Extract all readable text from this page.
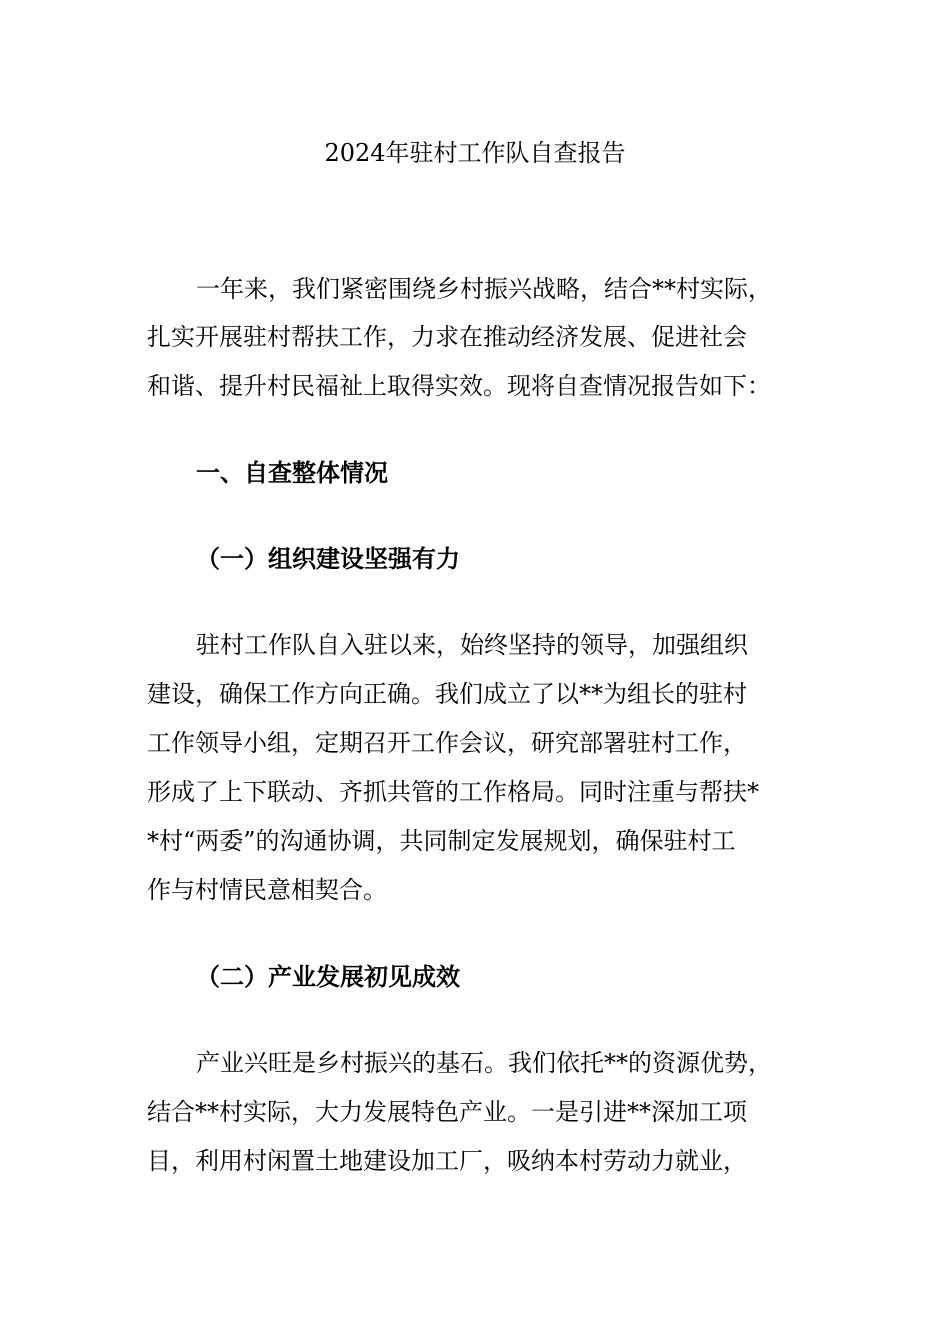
2024年驻村工作队自查报告
一年来，我们紧密围绕乡村振兴战略，结合**村实际，
扎实开展驻村帮扶工作，力求在推动经济发展、促进社会
和谐、提升村民福祉上取得实效。现将自查情况报告如下：
一、自查整体情况
（一）组织建设坚强有力
驻村工作队自入驻以来，始终坚持的领导，加强组织
建设，确保工作方向正确。我们成立了以**为组长的驻村
工作领导小组，定期召开工作会议，研究部署驻村工作，
形成了上下联动、齐抓共管的工作格局。同时注重与帮扶*
*村“两委”的沟通协调，共同制定发展规划，确保驻村工
作与村情民意相契合。
（二）产业发展初见成效
产业兴旺是乡村振兴的基石。我们依托**的资源优势，
结合**村实际，大力发展特色产业。一是引进**深加工项
目，利用村闲置土地建设加工厂，吸纳本村劳动力就业，
